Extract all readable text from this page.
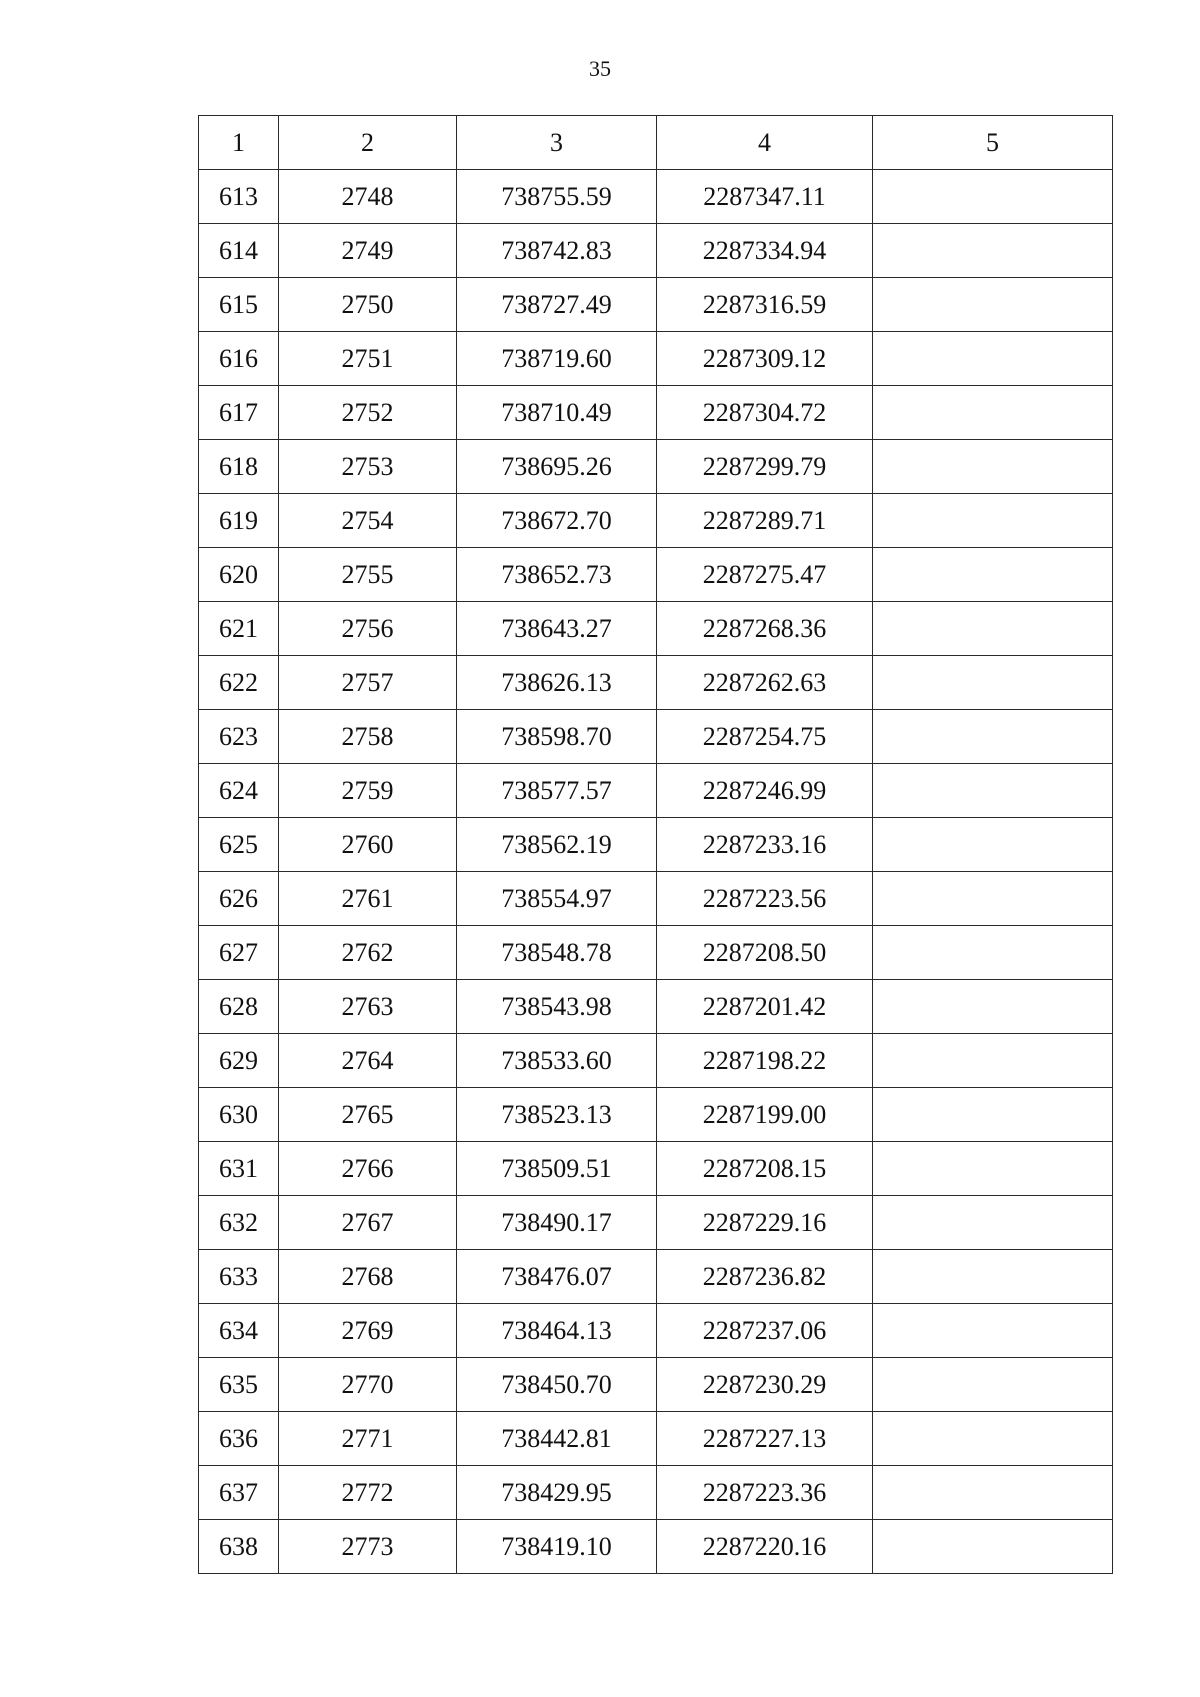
35
1	2	3	4	5
613	2748	738755.59	2287347.11	
614	2749	738742.83	2287334.94	
615	2750	738727.49	2287316.59	
616	2751	738719.60	2287309.12	
617	2752	738710.49	2287304.72	
618	2753	738695.26	2287299.79	
619	2754	738672.70	2287289.71	
620	2755	738652.73	2287275.47	
621	2756	738643.27	2287268.36	
622	2757	738626.13	2287262.63	
623	2758	738598.70	2287254.75	
624	2759	738577.57	2287246.99	
625	2760	738562.19	2287233.16	
626	2761	738554.97	2287223.56	
627	2762	738548.78	2287208.50	
628	2763	738543.98	2287201.42	
629	2764	738533.60	2287198.22	
630	2765	738523.13	2287199.00	
631	2766	738509.51	2287208.15	
632	2767	738490.17	2287229.16	
633	2768	738476.07	2287236.82	
634	2769	738464.13	2287237.06	
635	2770	738450.70	2287230.29	
636	2771	738442.81	2287227.13	
637	2772	738429.95	2287223.36	
638	2773	738419.10	2287220.16	
